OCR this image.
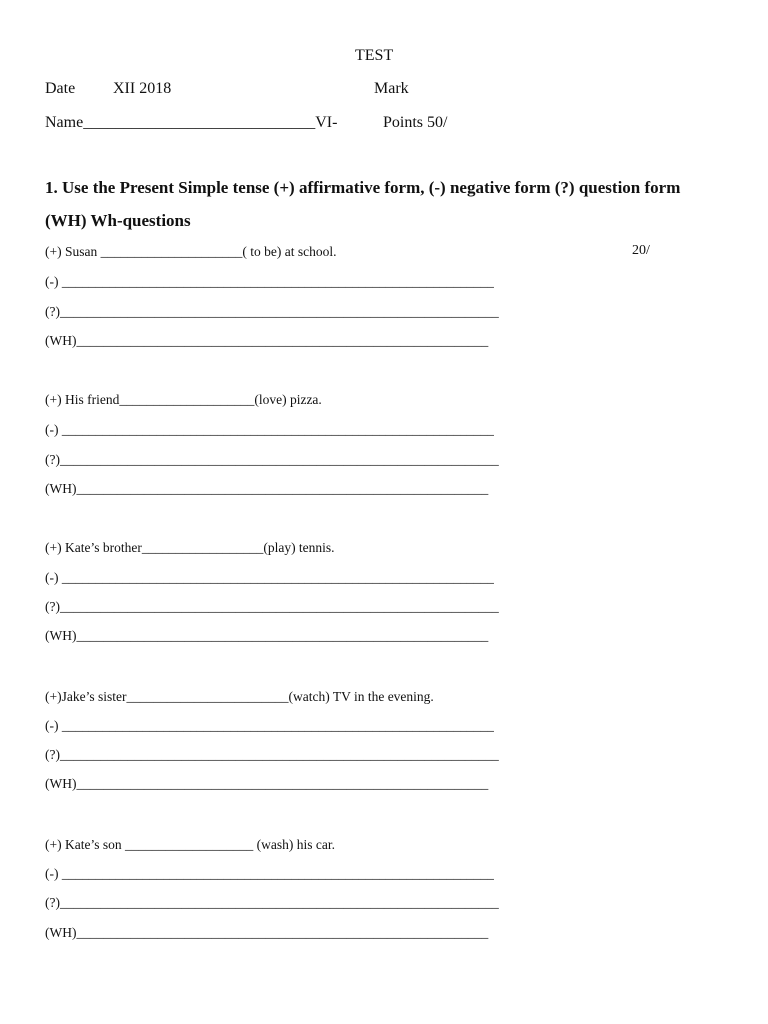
TEST
Date XII 2018	Mark
Name_____________________________VI-	Points 50/
1. Use the Present Simple tense (+) affirmative form, (-) negative form (?) question form
(WH) Wh-questions
20/
(+) Susan _____________________( to be) at school.
(-) ________________________________________________________________
(?)_________________________________________________________________
(WH)_____________________________________________________________
(+) His friend____________________(love) pizza.
(-) ________________________________________________________________
(?)_________________________________________________________________
(WH)_____________________________________________________________
(+) Kate’s brother__________________(play) tennis.
(-) ________________________________________________________________
(?)_________________________________________________________________
(WH)_____________________________________________________________
(+)Jake’s sister________________________(watch) TV in the evening.
(-) ________________________________________________________________
(?)_________________________________________________________________
(WH)_____________________________________________________________
(+) Kate’s son ___________________ (wash) his car.
(-) ________________________________________________________________
(?)_________________________________________________________________
(WH)_____________________________________________________________
